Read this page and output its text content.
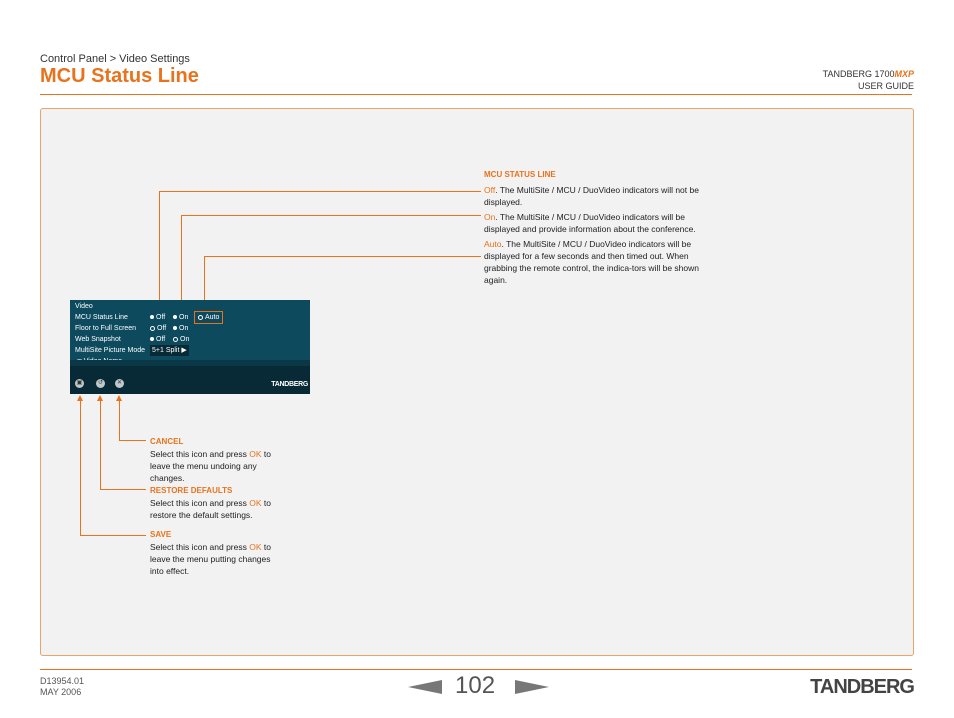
Control Panel > Video Settings
MCU Status Line	TANDBERG 1700MXP
USER GUIDE
MCU STATUS LINE
Off. The MultiSite / MCU / DuoVideo indicators will not be displayed.
On. The MultiSite / MCU / DuoVideo indicators will be displayed and provide information about the conference.
Auto. The MultiSite / MCU / DuoVideo indicators will be displayed for a few seconds and then timed out. When grabbing the remote control, the indica-tors will be shown again.
Video
MCU Status Line	Off	On	Auto
Floor to Full Screen	Off	On
Web Snapshot	Off	On
MultiSite Picture Mode 5+1 Split ▶
▣	↺	✕	TANDBERG
CANCEL
Select this icon and press OK to leave the menu undoing any changes.
RESTORE DEFAULTS
Select this icon and press OK to restore the default settings.
SAVE
Select this icon and press OK to leave the menu putting changes into effect.
D13954.01
MAY 2006	102	TANDBERG
